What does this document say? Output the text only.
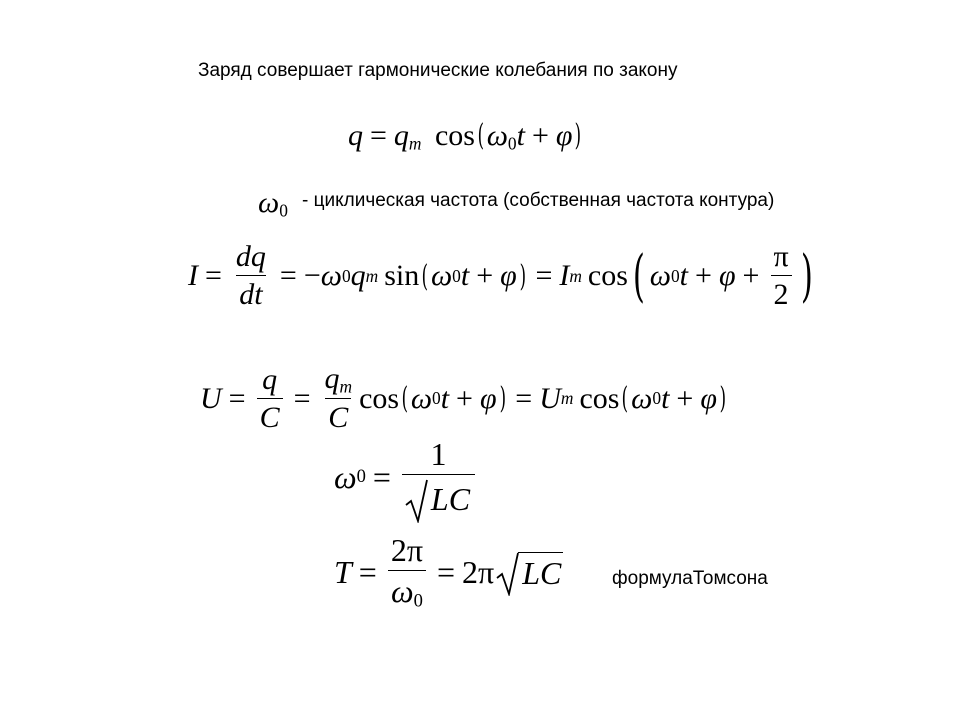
Заряд совершает гармонические колебания по закону
$q = q_m$ $\cos(\omega_0t + \varphi)$
$\omega_0$ - циклическая частота (собственная частота контура)
$I = \frac{dq}{dt}$ = − ω 0 q m sin ( ω 0 t + φ ) = I m cos ( ω 0 $t + \varphi + \frac{\pi}{2}$ )
$U = \frac{q}{C} = \frac{q_m}{C}$ cos ( ω 0 t + φ ) = U m cos ( ω 0 t + φ )
ω $0 = \frac{1}{LC}$
$T = \frac{2\pi}{\omega_0} = 2\pi$ LC	формулаТомсона
